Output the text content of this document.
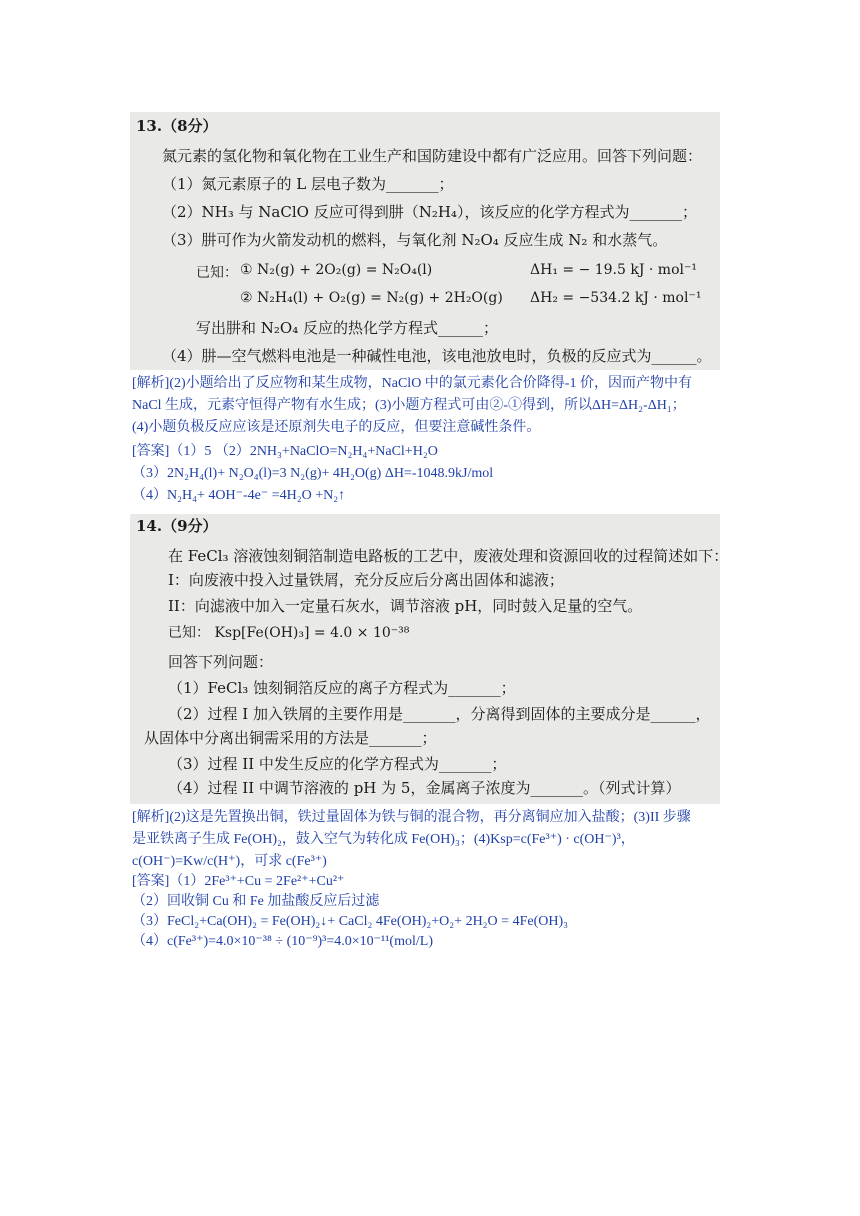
13.（8分）
氮元素的氢化物和氧化物在工业生产和国防建设中都有广泛应用。回答下列问题：
（1）氮元素原子的 L 层电子数为_______；
（2）NH₃ 与 NaClO 反应可得到肼（N₂H₄），该反应的化学方程式为_______；
（3）肼可作为火箭发动机的燃料，与氧化剂 N₂O₄ 反应生成 N₂ 和水蒸气。
已知： ① N₂(g) + 2O₂(g) = N₂O₄(l)	ΔH₁ = − 19.5 kJ · mol⁻¹
② N₂H₄(l) + O₂(g) = N₂(g) + 2H₂O(g) ΔH₂ = −534.2 kJ · mol⁻¹
写出肼和 N₂O₄ 反应的热化学方程式______；
（4）肼—空气燃料电池是一种碱性电池，该电池放电时，负极的反应式为______。
[解析](2)小题给出了反应物和某生成物，NaClO 中的氯元素化合价降得-1 价，因而产物中有
NaCl 生成，元素守恒得产物有水生成；(3)小题方程式可由②-①得到，所以ΔH=ΔH₂-ΔH₁；
(4)小题负极反应应该是还原剂失电子的反应，但要注意碱性条件。
[答案]（1）5 （2）2NH₃+NaClO=N₂H₄+NaCl+H₂O
（3）2N₂H₄(l)+ N₂O₄(l)=3 N₂(g)+ 4H₂O(g) ΔH=-1048.9kJ/mol
（4）N₂H₄+ 4OH⁻-4e⁻ =4H₂O +N₂↑
14.（9分）
在 FeCl₃ 溶液蚀刻铜箔制造电路板的工艺中，废液处理和资源回收的过程简述如下：
I：向废液中投入过量铁屑，充分反应后分离出固体和滤液；
II：向滤液中加入一定量石灰水，调节溶液 pH，同时鼓入足量的空气。
已知： Ksp[Fe(OH)₃] = 4.0 × 10⁻³⁸
回答下列问题：
（1）FeCl₃ 蚀刻铜箔反应的离子方程式为_______；
（2）过程 I 加入铁屑的主要作用是_______，分离得到固体的主要成分是______，
从固体中分离出铜需采用的方法是_______；
（3）过程 II 中发生反应的化学方程式为_______；
（4）过程 II 中调节溶液的 pH 为 5，金属离子浓度为_______。（列式计算）
[解析](2)这是先置换出铜，铁过量固体为铁与铜的混合物，再分离铜应加入盐酸；(3)II 步骤
是亚铁离子生成 Fe(OH)₂，鼓入空气为转化成 Fe(OH)₃；(4)Ksp=c(Fe³⁺) · c(OH⁻)³，
c(OH⁻)=Kw/c(H⁺)，可求 c(Fe³⁺)
[答案]（1）2Fe³⁺+Cu = 2Fe²⁺+Cu²⁺
（2）回收铜 Cu 和 Fe 加盐酸反应后过滤
（3）FeCl₂+Ca(OH)₂ = Fe(OH)₂↓+ CaCl₂ 4Fe(OH)₂+O₂+ 2H₂O = 4Fe(OH)₃
（4）c(Fe³⁺)=4.0×10⁻³⁸ ÷ (10⁻⁹)³=4.0×10⁻¹¹(mol/L)
